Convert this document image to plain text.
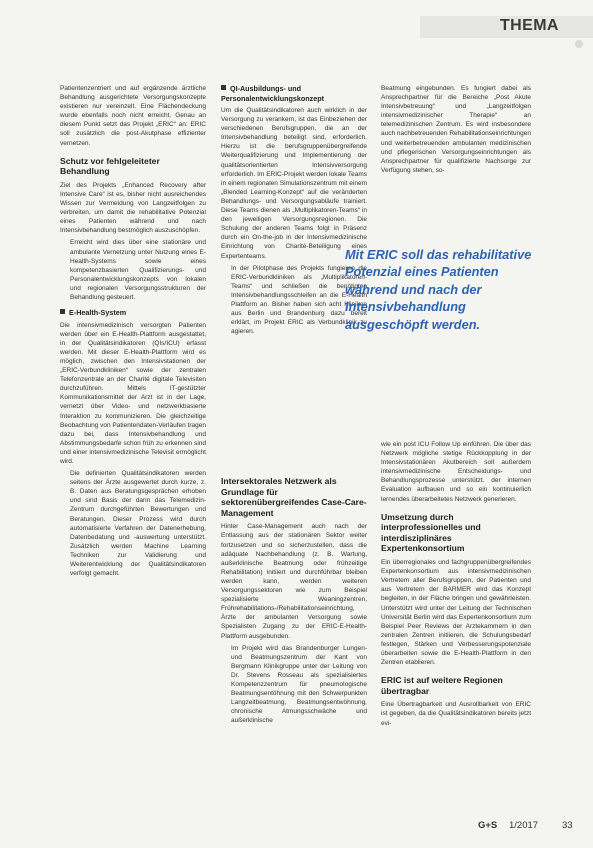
THEMA

Patientenzentriert und auf ergänzende ärztliche Behandlung ausgerichtete Versorgungskonzepte existieren nur vereinzelt. Eine Flächendeckung wurde ebenfalls noch nicht erreicht. Genau an diesem Punkt setzt das Projekt „ERIC“ an: ERIC soll zusätzlich die post-Akutphase effizienter vernetzen.

Schutz vor fehlgeleiteter Behandlung

Ziel des Projekts „Enhanced Recovery after Intensive Care“ ist es, bisher nicht ausreichendes Wissen zur Vermeidung von Langzeitfolgen zu verbreiten, um damit die rehabilitative Potenzial eines Patienten während und nach Intensivbehandlung bestmöglich auszuschöpfen.

Erreicht wird dies über eine stationäre und ambulante Vernetzung unter Nutzung eines E-Health-Systems sowie eines kompetenzbasierten Qualifizierungs- und Personalentwicklungskonzepts von lokalen und regionalen Versorgungsstrukturen der Behandlung gesteuert.

E-Health-System

Die intensivmedizinisch versorgten Patienten werden über ein E-Health-Plattform ausgestattet, in der Qualitätsindikatoren (QIs/ICU) erfasst werden. Mit dieser E-Health-Plattform wird es möglich, zwischen den Intensivstationen der „ERIC-Verbundkliniken“ sowie der zentralen Telefonzentrale an der Charité digitale Televisiten durchzuführen. Mittels IT-gestützter Kommunikationsmittel der Arzt ist in der Lage, vernetzt über Video- und netzwerkbasierte Interaktion zu kommunizieren. Die gleichzeitige Beobachtung von Patientendaten-Verläufen tragen dazu bei, dass Intensivbehandlung und Abstimmungsbedarfe schon früh zu erkennen sind und einer intensivmedizinische Televisit ermöglicht wird.

Die definierten Qualitätsindikatoren werden seitens der Ärzte ausgewertet durch kurze, z. B. Daten aus Beratungsgesprächen erhoben und sind Basis der dann das Telemedizin-Zentrum durchgeführten Bewertungen und Beratungen. Dieser Prozess wird durch automatisierte Verfahren der Datenerhebung, Datenbedatung und -auswertung unterstützt. Zusätzlich werden Machine Learning Techniken zur Validierung und Weiterentwicklung der Qualitätsindikatoren verfolgt gemacht.

QI-Ausbildungs- und Personalentwicklungskonzept

Um die Qualitätsindikatoren auch wirklich in der Versorgung zu verankern, ist das Einbeziehen der verschiedenen Berufsgruppen, die an der Intensivbehandlung beteiligt sind, erforderlich. Hierzu ist die berufsgruppenübergreifende Weiterqualifizierung und Implementierung der qualitätsorientierten Intensivversorgung erforderlich. Im ERIC-Projekt werden lokale Teams in einem regionalen Simulationszentrum mit einem „Blended Learning-Konzept“ auf die veränderten Behandlungs- und Versorgungsabläufe trainiert. Diese Teams dienen als „Multiplikatoren-Teams“ in den jeweiligen Versorgungsregionen. Die Schulung der anderen Teams folgt in Präsenz durch ein On-the-job in der Intensivmedizinische Einrichtung von Charité-Beteiligung eines Expertenteams.

In der Pilotphase des Projekts fungieren die ERIC-Verbundkliniken als „Multiplikatoren-Teams“ und schließen die benötigten Intensivbehandlungsschleifen an die E-Health Plattform an. Bisher haben sich acht Kliniken aus Berlin und Brandenburg dazu bereit erklärt, im Projekt ERIC als Verbundklinik zu agieren.

Intersektorales Netzwerk als Grundlage für sektorenübergreifendes Case-Care-Management

Hinter Case-Management auch nach der Entlassung aus der stationären Sektor weiter fortzusetzen und so sicherzustellen, dass die adäquate Nachbehandlung (z. B. Wartung, außerklinische Beatmung oder frühzeitige Rehabilitation) initiiert und durchführbar bleiben werden kann, werden weiteren Versorgungssektoren wie zum Beispiel spezialisierte Weaningzentren, Frührehabilitations-/Rehabilitationseinrichtung, Ärzte der ambulanten Versorgung sowie Spezialisten Zugang zu der ERIC-E-Health-Plattform ausgebunden.

Im Projekt wird das Brandenburger Lungen- und Beatmungszentrum der Kant von Bergmann Klinikgruppe unter der Leitung von Dr. Stevens Rosseau als spezialisiertes Kompetenzzentrum für pneumologische Beatmungsentöhnung mit den Schwerpunkten Langzeitbeatmung, Beatmungsentwöhnung, chronische Atmungsschwäche und außerklinische

Beatmung eingebunden. Es fungiert dabei als Ansprechpartner für die Bereiche „Post Akute Intensivbetreuung“ und „Langzeitfolgen intensivmedizinischer Therapie“ an telemedizinischen Zentrum. Es wird insbesondere auch nachbetreuenden Rehabilitationseinrichtungen und weiterbetreuenden ambulanten medizinischen und pflegerischen Versorgungseinrichtungen als Ansprechpartner für qualifizierte Nachsorge zur Verfügung stehen, so-

Mit ERIC soll das rehabilitative Potenzial eines Patienten während und nach der Intensivbehandlung ausgeschöpft werden.

wie ein post ICU Follow Up einführen. Die über das Netzwerk mögliche stetige Rückkopplung in der Intensivstationären Akutbereich soll außerdem intensivmedizinische Entscheidungs- und Behandlungsprozesse unterstützt. der internen Evaluation aufbauen und so ein kontinuierlich lernendes überarbeitetes Netzwerk generieren.

Umsetzung durch interprofessionelles und interdisziplinäres Expertenkonsortium

Ein überregionales und fachgruppenübergreifendes Expertenkonsortium aus intensivmedizinischen Vertretern aller Berufsgruppen, der Patienten und aus Vertretern der BARMER wird das Konzept begleiten, in der Fläche bringen und gewährleisten. Unterstützt wird unter der Leitung der Technischen Universität Berlin wird das Expertenkonsortium zum Beispiel Peer Reviews der Arztekammern in den zentralen Zentren initiieren, die Schulungsbedarf festlegen, Stärken und Verbesserungspotenziale überarbeiten sowie die E-Health-Plattform in den Zentren etablieren.

ERIC ist auf weitere Regionen übertragbar

Eine Übertragbarkeit und Ausrollbarkeit von ERIC ist gegeben, da die Qualitätsindikatoren bereits jetzt evi-

G+S 1/2017	33
